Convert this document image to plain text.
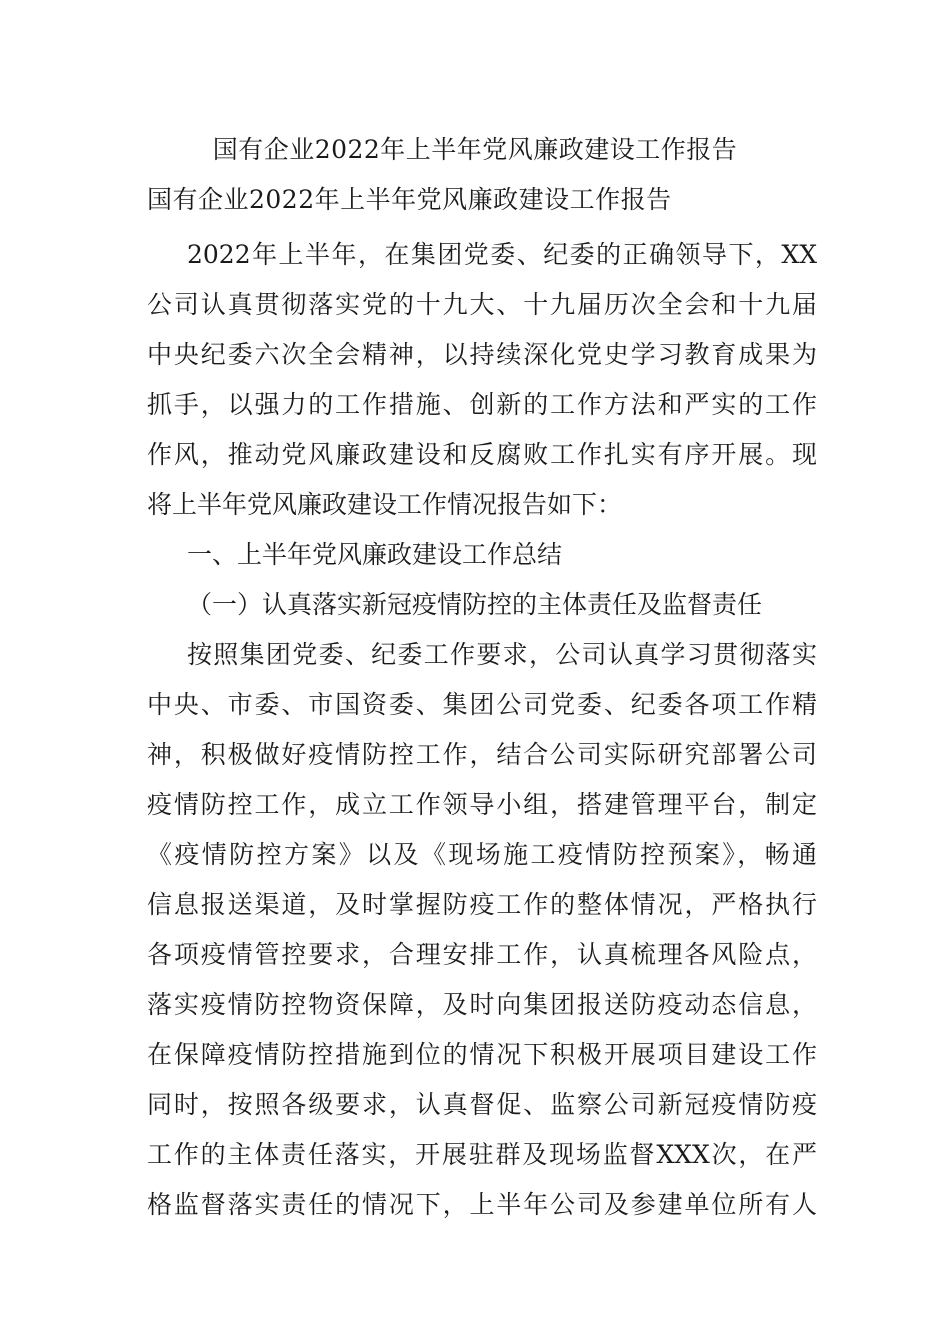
国有企业2022年上半年党风廉政建设工作报告
国有企业2022年上半年党风廉政建设工作报告
2022年上半年，在集团党委、纪委的正确领导下，XX
公司认真贯彻落实党的十九大、十九届历次全会和十九届
中央纪委六次全会精神，以持续深化党史学习教育成果为
抓手，以强力的工作措施、创新的工作方法和严实的工作
作风，推动党风廉政建设和反腐败工作扎实有序开展。现
将上半年党风廉政建设工作情况报告如下：
一、上半年党风廉政建设工作总结
（一）认真落实新冠疫情防控的主体责任及监督责任
按照集团党委、纪委工作要求，公司认真学习贯彻落实
中央、市委、市国资委、集团公司党委、纪委各项工作精
神，积极做好疫情防控工作，结合公司实际研究部署公司
疫情防控工作，成立工作领导小组，搭建管理平台，制定
《疫情防控方案》以及《现场施工疫情防控预案》，畅通
信息报送渠道，及时掌握防疫工作的整体情况，严格执行
各项疫情管控要求，合理安排工作，认真梳理各风险点，
落实疫情防控物资保障，及时向集团报送防疫动态信息，
在保障疫情防控措施到位的情况下积极开展项目建设工作
同时，按照各级要求，认真督促、监察公司新冠疫情防疫
工作的主体责任落实，开展驻群及现场监督XXX次，在严
格监督落实责任的情况下，上半年公司及参建单位所有人
